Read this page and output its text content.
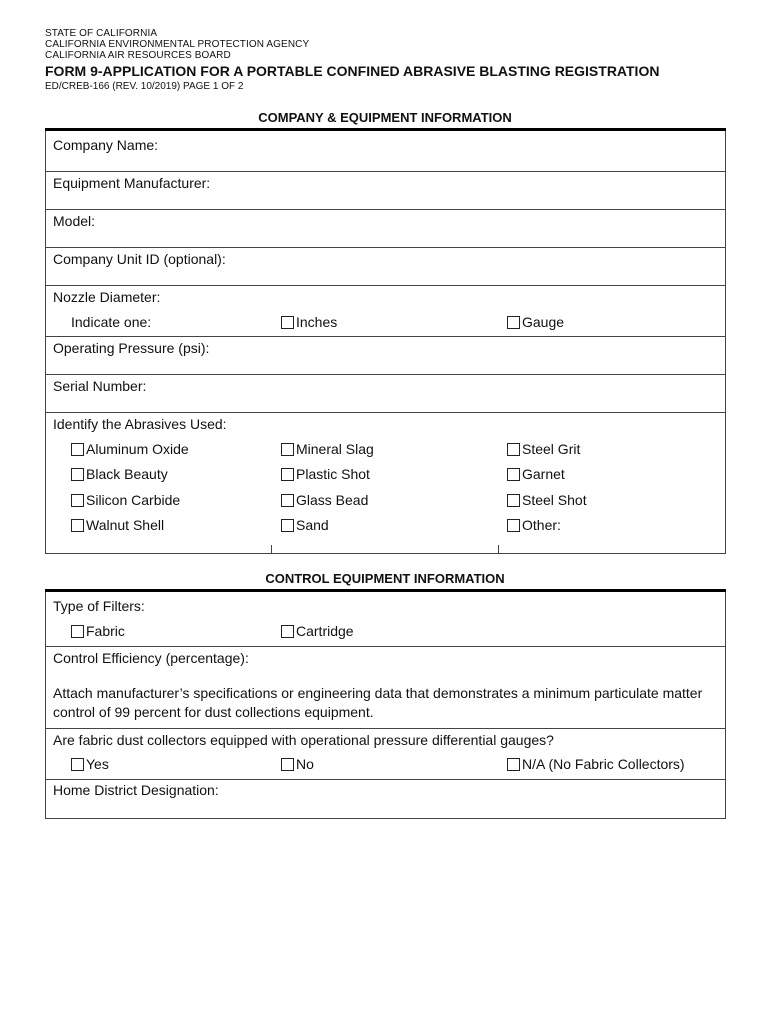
STATE OF CALIFORNIA
CALIFORNIA ENVIRONMENTAL PROTECTION AGENCY
CALIFORNIA AIR RESOURCES BOARD
FORM 9-APPLICATION FOR A PORTABLE CONFINED ABRASIVE BLASTING REGISTRATION
ED/CREB-166 (REV. 10/2019) PAGE 1 OF 2
COMPANY & EQUIPMENT INFORMATION
Company Name:
Equipment Manufacturer:
Model:
Company Unit ID (optional):
Nozzle Diameter:
Indicate one:	Inches	Gauge
Operating Pressure (psi):
Serial Number:
Identify the Abrasives Used:
Aluminum Oxide	Mineral Slag	Steel Grit
Black Beauty	Plastic Shot	Garnet
Silicon Carbide	Glass Bead	Steel Shot
Walnut Shell	Sand	Other:
CONTROL EQUIPMENT INFORMATION
Type of Filters:
Fabric	Cartridge
Control Efficiency (percentage):
Attach manufacturer’s specifications or engineering data that demonstrates a minimum particulate matter control of 99 percent for dust collections equipment.
Are fabric dust collectors equipped with operational pressure differential gauges?
Yes	No	N/A (No Fabric Collectors)
Home District Designation:
